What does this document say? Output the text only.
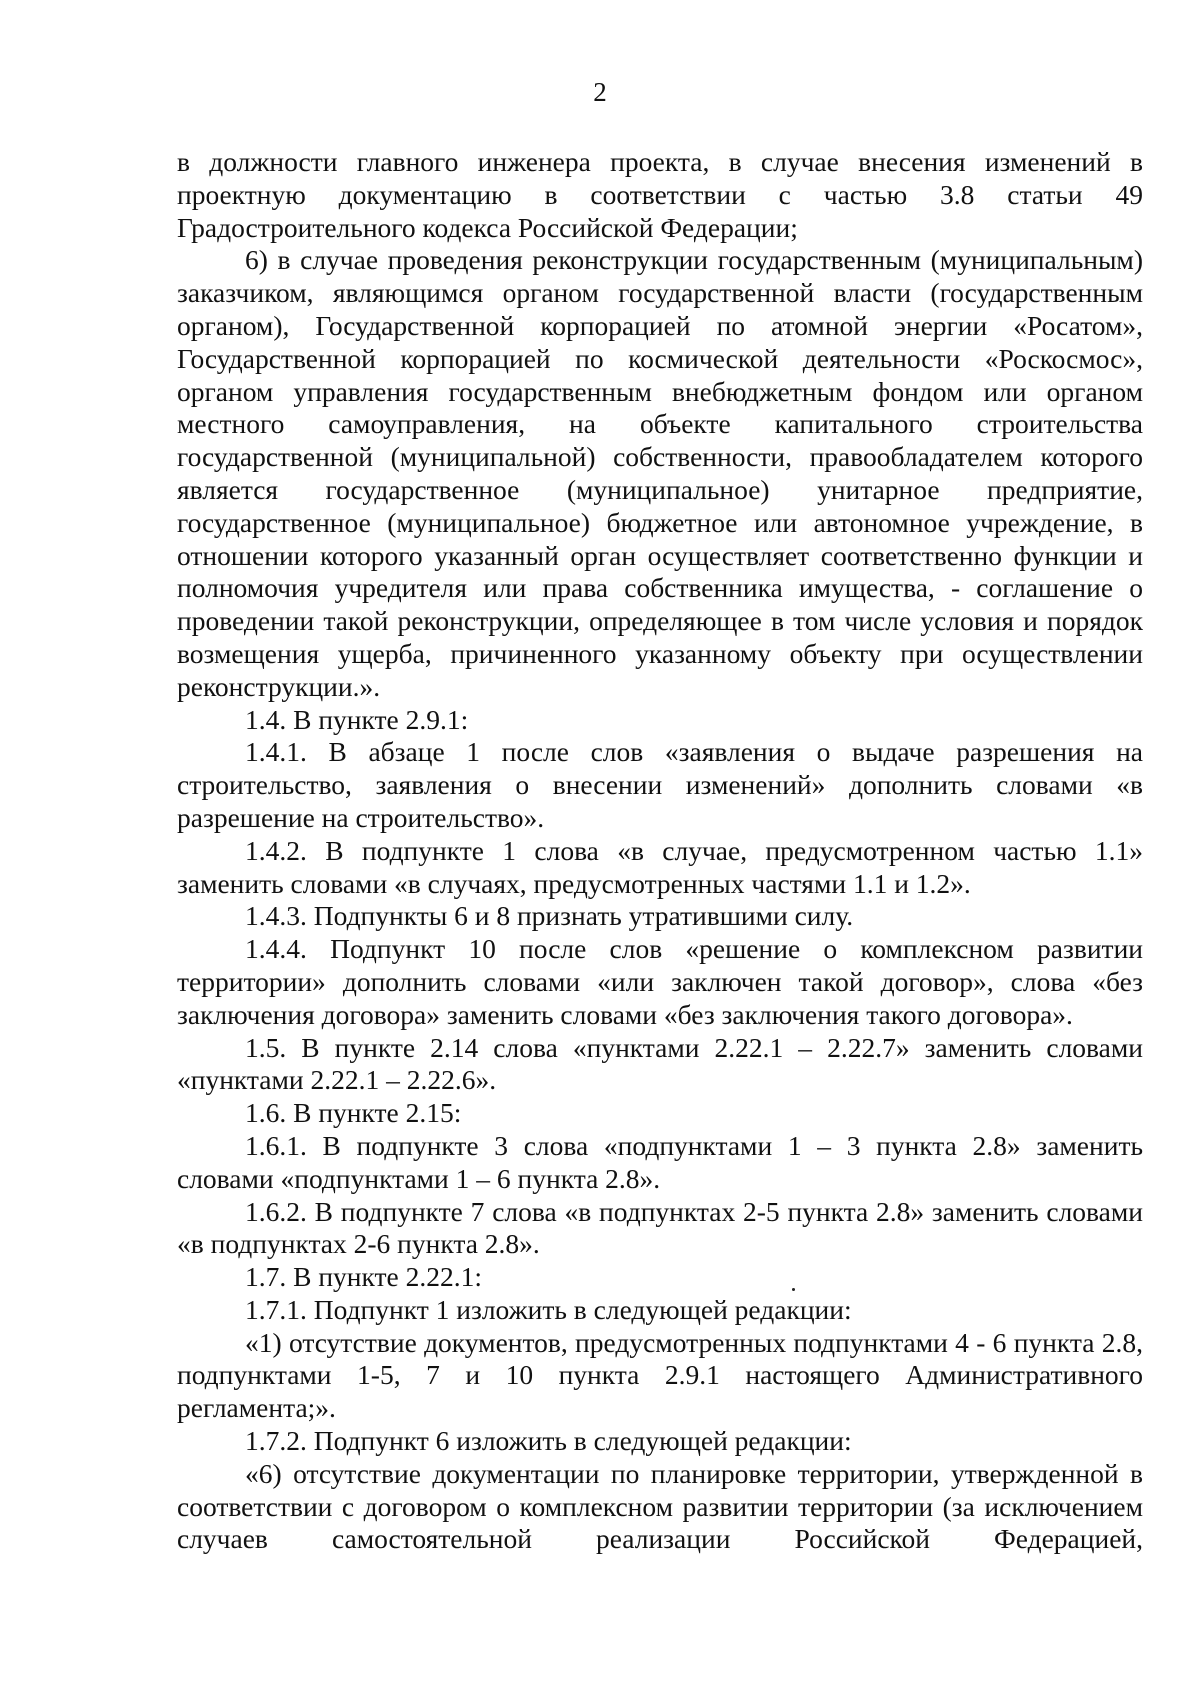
2

в должности главного инженера проекта, в случае внесения изменений в проектную документацию в соответствии с частью 3.8 статьи 49 Градостроительного кодекса Российской Федерации;

6) в случае проведения реконструкции государственным (муниципальным) заказчиком, являющимся органом государственной власти (государственным органом), Государственной корпорацией по атомной энергии «Росатом», Государственной корпорацией по космической деятельности «Роскосмос», органом управления государственным внебюджетным фондом или органом местного самоуправления, на объекте капитального строительства государственной (муниципальной) собственности, правообладателем которого является государственное (муниципальное) унитарное предприятие, государственное (муниципальное) бюджетное или автономное учреждение, в отношении которого указанный орган осуществляет соответственно функции и полномочия учредителя или права собственника имущества, - соглашение о проведении такой реконструкции, определяющее в том числе условия и порядок возмещения ущерба, причиненного указанному объекту при осуществлении реконструкции.».

1.4. В пункте 2.9.1:

1.4.1. В абзаце 1 после слов «заявления о выдаче разрешения на строительство, заявления о внесении изменений» дополнить словами «в разрешение на строительство».

1.4.2. В подпункте 1 слова «в случае, предусмотренном частью 1.1» заменить словами «в случаях, предусмотренных частями 1.1 и 1.2».

1.4.3. Подпункты 6 и 8 признать утратившими силу.

1.4.4. Подпункт 10 после слов «решение о комплексном развитии территории» дополнить словами «или заключен такой договор», слова «без заключения договора» заменить словами «без заключения такого договора».

1.5. В пункте 2.14 слова «пунктами 2.22.1 – 2.22.7» заменить словами «пунктами 2.22.1 – 2.22.6».

1.6. В пункте 2.15:

1.6.1. В подпункте 3 слова «подпунктами 1 – 3 пункта 2.8» заменить словами «подпунктами 1 – 6 пункта 2.8».

1.6.2. В подпункте 7 слова «в подпунктах 2-5 пункта 2.8» заменить словами «в подпунктах 2-6 пункта 2.8».

1.7. В пункте 2.22.1:

1.7.1. Подпункт 1 изложить в следующей редакции:

«1) отсутствие документов, предусмотренных подпунктами 4 - 6 пункта 2.8, подпунктами 1-5, 7 и 10 пункта 2.9.1 настоящего Административного регламента;».

1.7.2. Подпункт 6 изложить в следующей редакции:

«6) отсутствие документации по планировке территории, утвержденной в соответствии с договором о комплексном развитии территории (за исключением случаев самостоятельной реализации Российской Федерацией,
